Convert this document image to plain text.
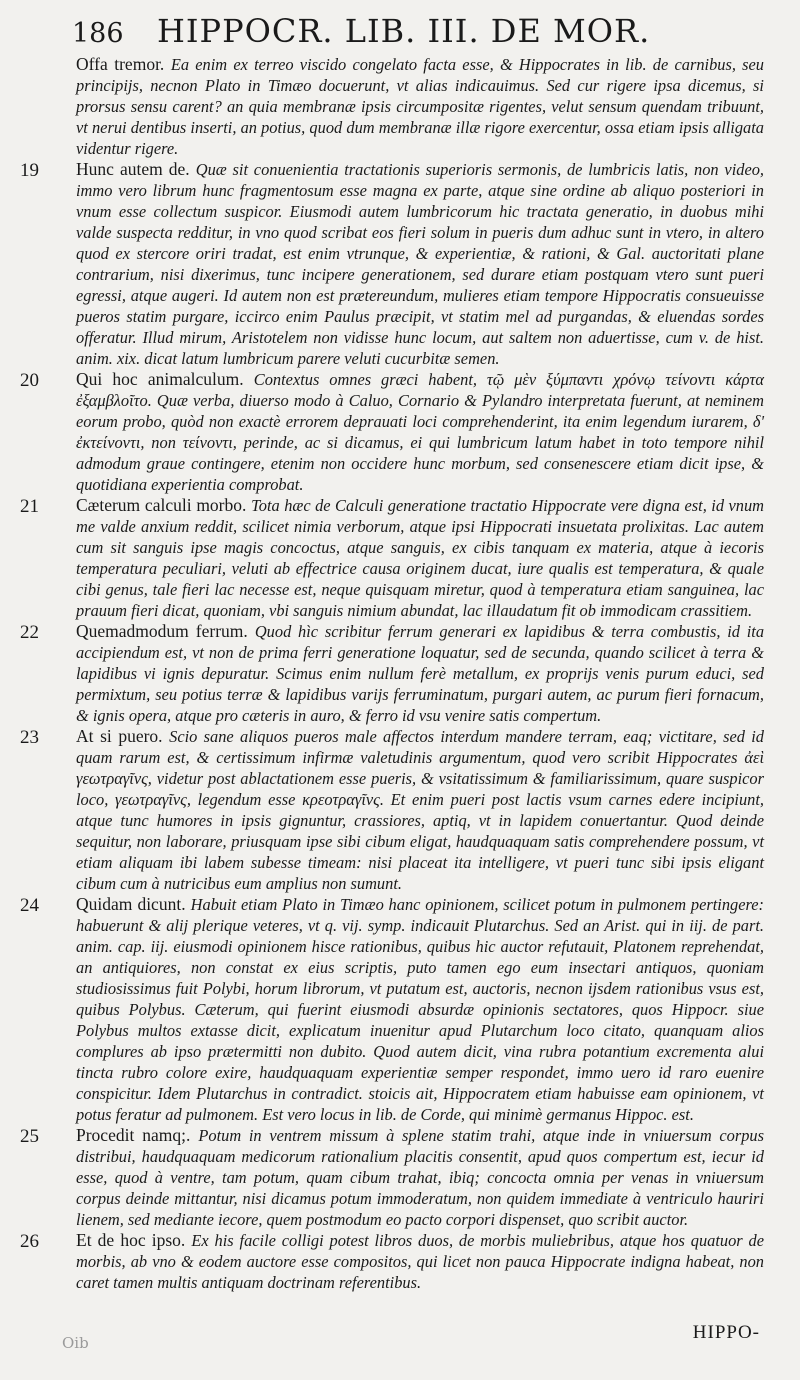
186	HIPPOCR. LIB. III. DE MOR.

Offa tremor. Ea enim ex terreo viscido congelato facta esse, & Hippocrates in lib. de carnibus, seu principijs, necnon Plato in Timæo docuerunt, vt alias indicauimus. Sed cur rigere ipsa dicemus, si prorsus sensu carent? an quia membranæ ipsis circumpositæ rigentes, velut sensum quendam tribuunt, vt nerui dentibus inserti, an potius, quod dum membranæ illæ rigore exercentur, ossa etiam ipsis alligata videntur rigere.

19	Hunc autem de. Quæ sit conuenientia tractationis superioris sermonis, de lumbricis latis, non video, immo vero librum hunc fragmentosum esse magna ex parte, atque sine ordine ab aliquo posteriori in vnum esse collectum suspicor. Eiusmodi autem lumbricorum hic tractata generatio, in duobus mihi valde suspecta redditur, in vno quod scribat eos fieri solum in pueris dum adhuc sunt in vtero, in altero quod ex stercore oriri tradat, est enim vtrunque, & experientiæ, & rationi, & Gal. auctoritati plane contrarium, nisi dixerimus, tunc incipere generationem, sed durare etiam postquam vtero sunt pueri egressi, atque augeri. Id autem non est prætereundum, mulieres etiam tempore Hippocratis consueuisse pueros statim purgare, iccirco enim Paulus præcipit, vt statim mel ad purgandas, & eluendas sordes offeratur. Illud mirum, Aristotelem non vidisse hunc locum, aut saltem non aduertisse, cum v. de hist. anim. xix. dicat latum lumbricum parere veluti cucurbitæ semen.

20	Qui hoc animalculum. Contextus omnes græci habent, τῷ μὲν ξύμπαντι χρόνῳ τείνοντι κάρτα ἐξαμβλοῖτο. Quæ verba, diuerso modo à Caluo, Cornario & Pylandro interpretata fuerunt, at neminem eorum probo, quòd non exactè errorem deprauati loci comprehenderint, ita enim legendum iurarem, δ' ἐκτείνοντι, non τείνοντι, perinde, ac si dicamus, ei qui lumbricum latum habet in toto tempore nihil admodum graue contingere, etenim non occidere hunc morbum, sed consenescere etiam dicit ipse, & quotidiana experientia comprobat.

21	Cæterum calculi morbo. Tota hæc de Calculi generatione tractatio Hippocrate vere digna est, id vnum me valde anxium reddit, scilicet nimia verborum, atque ipsi Hippocrati insuetata prolixitas. Lac autem cum sit sanguis ipse magis concoctus, atque sanguis, ex cibis tanquam ex materia, atque à iecoris temperatura peculiari, veluti ab effectrice causa originem ducat, iure qualis est temperatura, & quale cibi genus, tale fieri lac necesse est, neque quisquam miretur, quod à temperatura etiam sanguinea, lac prauum fieri dicat, quoniam, vbi sanguis nimium abundat, lac illaudatum fit ob immodicam crassitiem.

22	Quemadmodum ferrum. Quod hìc scribitur ferrum generari ex lapidibus & terra combustis, id ita accipiendum est, vt non de prima ferri generatione loquatur, sed de secunda, quando scilicet à terra & lapidibus vi ignis depuratur. Scimus enim nullum ferè metallum, ex proprijs venis purum educi, sed permixtum, seu potius terræ & lapidibus varijs ferruminatum, purgari autem, ac purum fieri fornacum, & ignis opera, atque pro cæteris in auro, & ferro id vsu venire satis compertum.

23	At si puero. Scio sane aliquos pueros male affectos interdum mandere terram, eaq; victitare, sed id quam rarum est, & certissimum infirmæ valetudinis argumentum, quod vero scribit Hippocrates ἀεὶ γεωτραγῖνς, videtur post ablactationem esse pueris, & vsitatissimum & familiarissimum, quare suspicor loco, γεωτραγῖνς, legendum esse κρεοτραγῖνς. Et enim pueri post lactis vsum carnes edere incipiunt, atque tunc humores in ipsis gignuntur, crassiores, aptiq, vt in lapidem conuertantur. Quod deinde sequitur, non laborare, priusquam ipse sibi cibum eligat, haudquaquam satis comprehendere possum, vt etiam aliquam ibi labem subesse timeam: nisi placeat ita intelligere, vt pueri tunc sibi ipsis eligant cibum cum à nutricibus eum amplius non sumunt.

24	Quidam dicunt. Habuit etiam Plato in Timæo hanc opinionem, scilicet potum in pulmonem pertingere: habuerunt & alij plerique veteres, vt q. vij. symp. indicauit Plutarchus. Sed an Arist. qui in iij. de part. anim. cap. iij. eiusmodi opinionem hisce rationibus, quibus hic auctor refutauit, Platonem reprehendat, an antiquiores, non constat ex eius scriptis, puto tamen ego eum insectari antiquos, quoniam studiosissimus fuit Polybi, horum librorum, vt putatum est, auctoris, necnon ijsdem rationibus vsus est, quibus Polybus. Cæterum, qui fuerint eiusmodi absurdæ opinionis sectatores, quos Hippocr. siue Polybus multos extasse dicit, explicatum inuenitur apud Plutarchum loco citato, quanquam alios complures ab ipso prætermitti non dubito. Quod autem dicit, vina rubra potantium excrementa alui tincta rubro colore exire, haudquaquam experientiæ semper respondet, immo uero id raro euenire conspicitur. Idem Plutarchus in contradict. stoicis ait, Hippocratem etiam habuisse eam opinionem, vt potus feratur ad pulmonem. Est vero locus in lib. de Corde, qui minimè germanus Hippoc. est.

25	Procedit namq;. Potum in ventrem missum à splene statim trahi, atque inde in vniuersum corpus distribui, haudquaquam medicorum rationalium placitis consentit, apud quos compertum est, iecur id esse, quod à ventre, tam potum, quam cibum trahat, ibiq; concocta omnia per venas in vniuersum corpus deinde mittantur, nisi dicamus potum immoderatum, non quidem immediate à ventriculo hauriri lienem, sed mediante iecore, quem postmodum eo pacto corpori dispenset, quo scribit auctor.

26	Et de hoc ipso. Ex his facile colligi potest libros duos, de morbis muliebribus, atque hos quatuor de morbis, ab vno & eodem auctore esse compositos, qui licet non pauca Hippocrate indigna habeat, non caret tamen multis antiquam doctrinam referentibus.

Oib	HIPPO-
